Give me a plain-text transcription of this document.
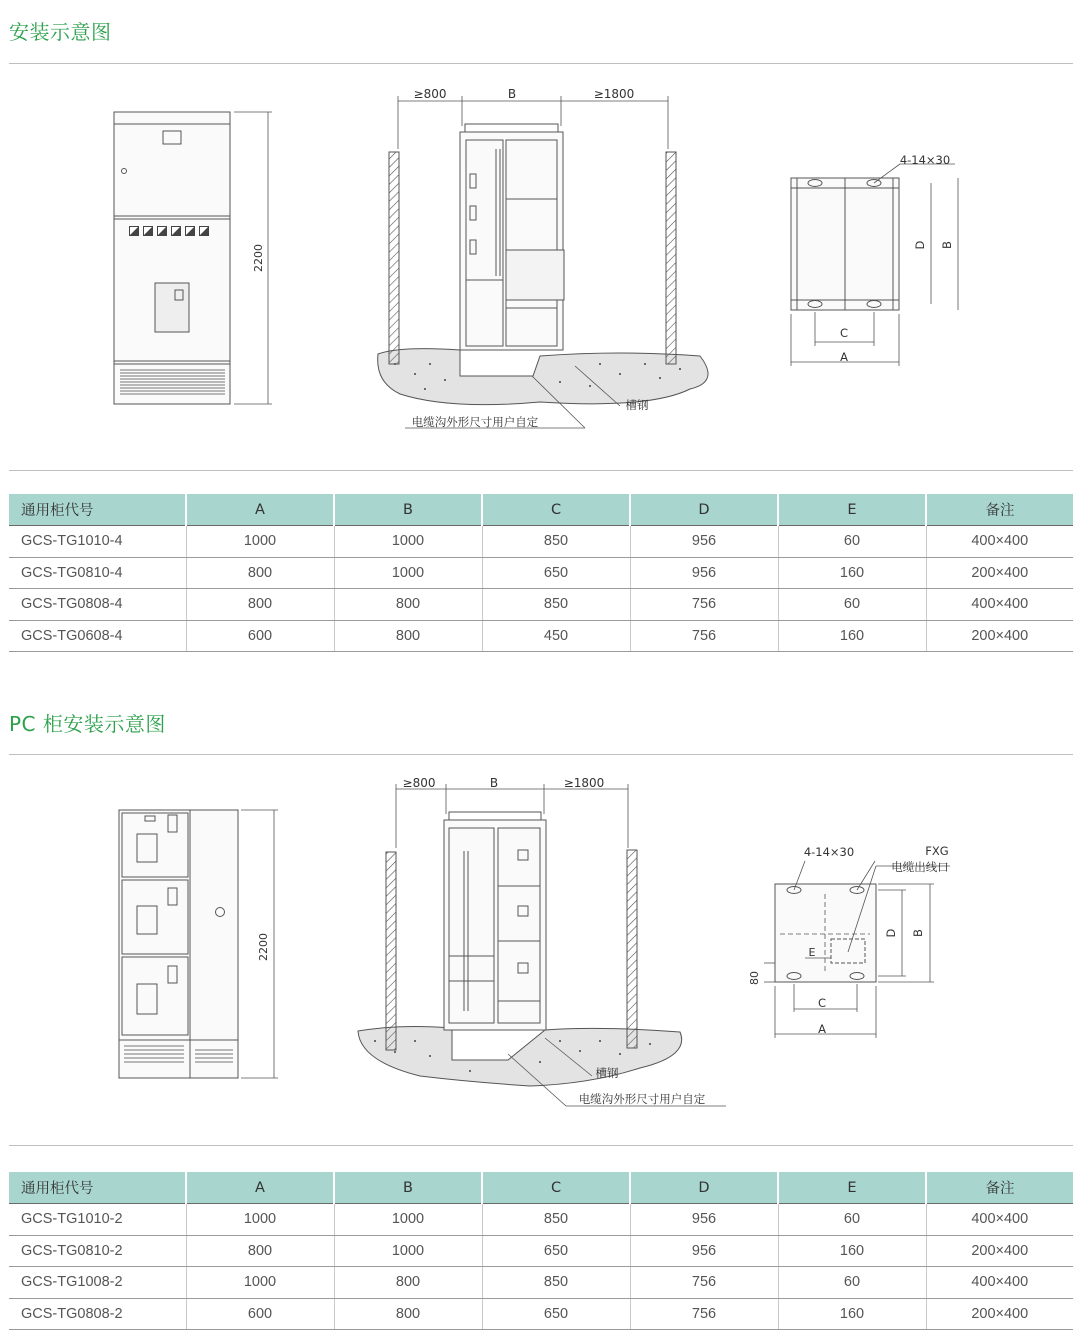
安装示意图
2200
≥800	B	≥1800
电缆沟外形尺寸用户自定
槽钢
4-14×30
C
A
D B
通用柜代号	A	B	C	D	E	备注
GCS-TG1010-4	1000	1000	850	956	60	400×400
GCS-TG0810-4	800	1000	650	956	160	200×400
GCS-TG0808-4	800	800	850	756	60	400×400
GCS-TG0608-4	600	800	450	756	160	200×400
PC 柜安装示意图
2200
≥800	B	≥1800
槽钢
电缆沟外形尺寸用户自定
4-14×30	FXG
电缆出线口
E
80
C
A
D B
通用柜代号	A	B	C	D	E	备注
GCS-TG1010-2	1000	1000	850	956	60	400×400
GCS-TG0810-2	800	1000	650	956	160	200×400
GCS-TG1008-2	1000	800	850	756	60	400×400
GCS-TG0808-2	600	800	650	756	160	200×400
